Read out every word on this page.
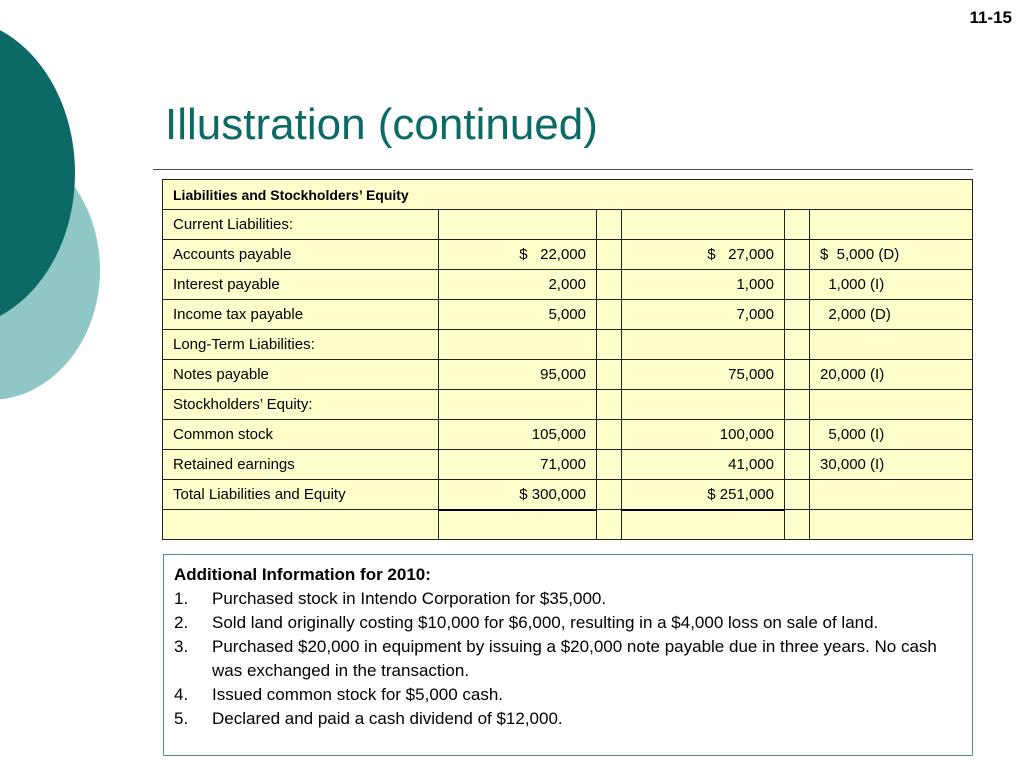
11-15
Illustration (continued)
Liabilities and Stockholders’ Equity					
Current Liabilities:					
Accounts payable	$   22,000		$   27,000		$  5,000 (D)
Interest payable	2,000		1,000		1,000 (I)
Income tax payable	5,000		7,000		2,000 (D)
Long-Term Liabilities:					
Notes payable	95,000		75,000		20,000 (I)
Stockholders’ Equity:					
Common stock	105,000		100,000		5,000 (I)
Retained earnings	71,000		41,000		30,000 (I)
Total Liabilities and Equity	$ 300,000		$ 251,000		

Additional Information for 2010:
1.	Purchased stock in Intendo Corporation for $35,000.
2.	Sold land originally costing $10,000 for $6,000, resulting in a $4,000 loss on sale of land.
3.	Purchased $20,000 in equipment by issuing a $20,000 note payable due in three years. No cash was exchanged in the transaction.
4.	Issued common stock for $5,000 cash.
5.	Declared and paid a cash dividend of $12,000.
